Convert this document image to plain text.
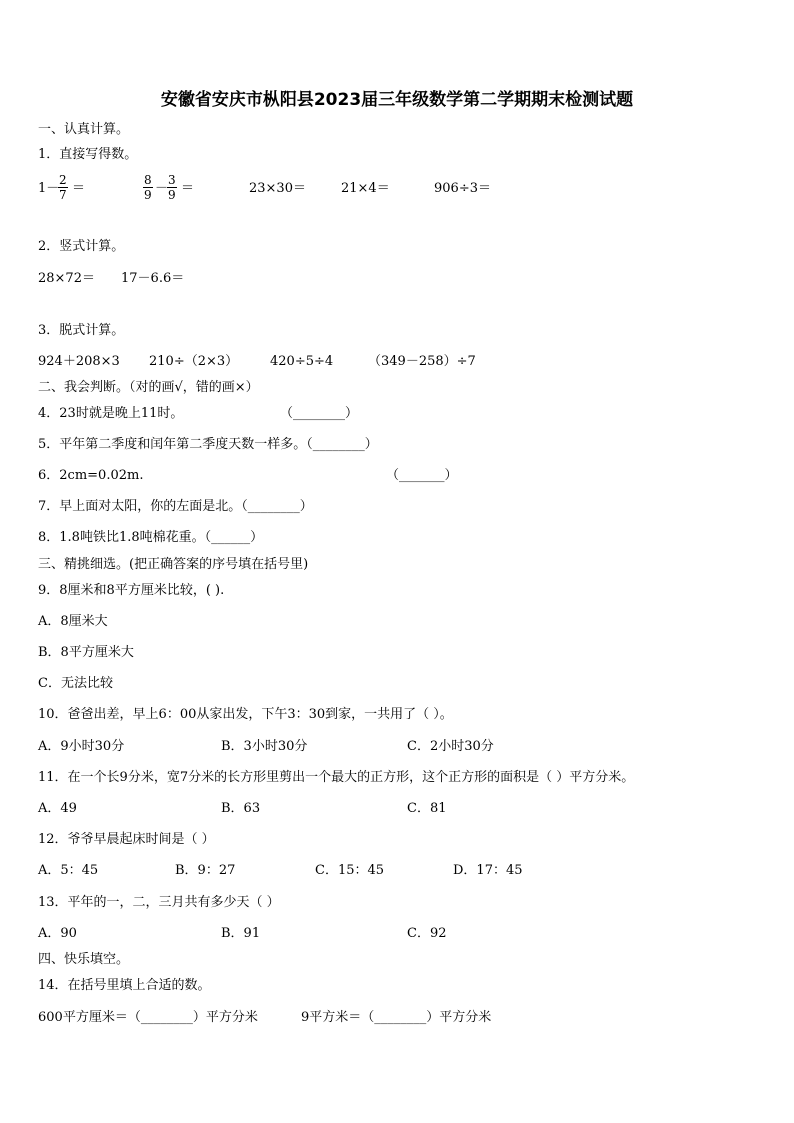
安徽省安庆市枞阳县2023届三年级数学第二学期期末检测试题
一、认真计算。
1．直接写得数。
1－
$\frac{2}{7}$ ＝	$\frac{8}{9}$ －
$\frac{3}{9}$ ＝	23×30＝	21×4＝	906÷3＝
2．竖式计算。
28×72＝ 17－6.6＝
3．脱式计算。
924＋208×3 210÷（2×3） 420÷5÷4	（349－258）÷7
二、我会判断。（对的画√，错的画×）
4．23时就是晚上11时。	（________）
5．平年第二季度和闰年第二季度天数一样多。（________）
6．2cm=0.02m.	（_______）
7．早上面对太阳，你的左面是北。（________）
8．1.8吨铁比1.8吨棉花重。（______）
三、精挑细选。(把正确答案的序号填在括号里)
9．8厘米和8平方厘米比较，( ).
A．8厘米大
B．8平方厘米大
C．无法比较
10．爸爸出差，早上6：00从家出发，下午3：30到家，一共用了（ ）。
A．9小时30分	B．3小时30分	C．2小时30分
11．在一个长9分米，宽7分米的长方形里剪出一个最大的正方形，这个正方形的面积是（ ）平方分米。
A．49	B．63	C．81
12．爷爷早晨起床时间是（ ）
A．5：45	B．9：27	C．15：45	D．17：45
13．平年的一，二，三月共有多少天（ ）
A．90	B．91	C．92
四、快乐填空。
14．在括号里填上合适的数。
600平方厘米＝（________）平方分米	9平方米＝（________）平方分米
